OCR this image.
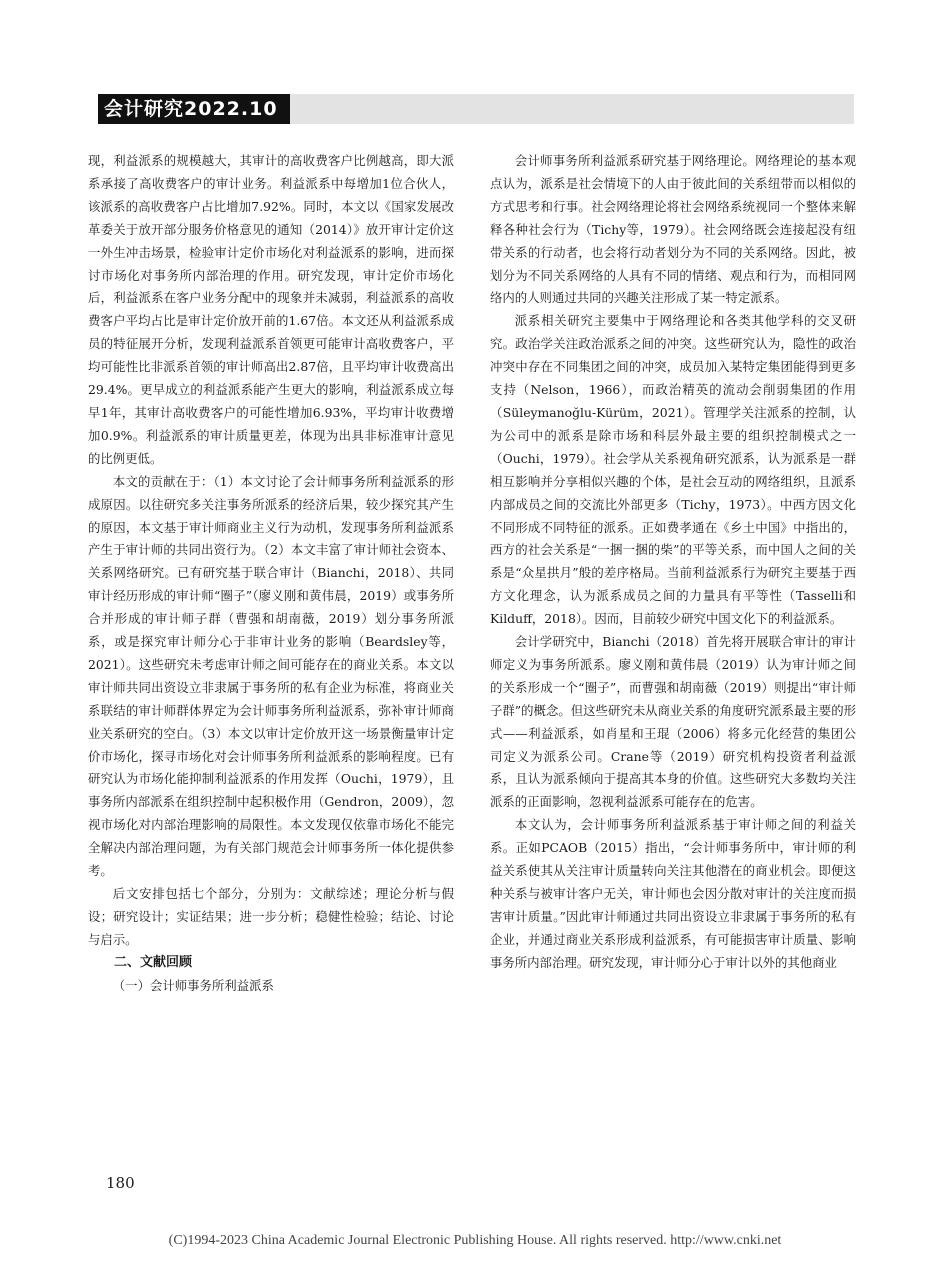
会计研究2022.10

现，利益派系的规模越大，其审计的高收费客户比例越高，即大派系承接了高收费客户的审计业务。利益派系中每增加1位合伙人，该派系的高收费客户占比增加7.92%。同时，本文以《国家发展改革委关于放开部分服务价格意见的通知（2014）》放开审计定价这一外生冲击场景，检验审计定价市场化对利益派系的影响，进而探讨市场化对事务所内部治理的作用。研究发现，审计定价市场化后，利益派系在客户业务分配中的现象并未减弱，利益派系的高收费客户平均占比是审计定价放开前的1.67倍。本文还从利益派系成员的特征展开分析，发现利益派系首领更可能审计高收费客户，平均可能性比非派系首领的审计师高出2.87倍，且平均审计收费高出29.4%。更早成立的利益派系能产生更大的影响，利益派系成立每早1年，其审计高收费客户的可能性增加6.93%，平均审计收费增加0.9%。利益派系的审计质量更差，体现为出具非标准审计意见的比例更低。

本文的贡献在于：（1）本文讨论了会计师事务所利益派系的形成原因。以往研究多关注事务所派系的经济后果，较少探究其产生的原因，本文基于审计师商业主义行为动机，发现事务所利益派系产生于审计师的共同出资行为。（2）本文丰富了审计师社会资本、关系网络研究。已有研究基于联合审计（Bianchi，2018）、共同审计经历形成的审计师“圈子”（廖义刚和黄伟晨，2019）或事务所合并形成的审计师子群（曹强和胡南薇，2019）划分事务所派系，或是探究审计师分心于非审计业务的影响（Beardsley等，2021）。这些研究未考虑审计师之间可能存在的商业关系。本文以审计师共同出资设立非隶属于事务所的私有企业为标准，将商业关系联结的审计师群体界定为会计师事务所利益派系，弥补审计师商业关系研究的空白。（3）本文以审计定价放开这一场景衡量审计定价市场化，探寻市场化对会计师事务所利益派系的影响程度。已有研究认为市场化能抑制利益派系的作用发挥（Ouchi，1979），且事务所内部派系在组织控制中起积极作用（Gendron，2009），忽视市场化对内部治理影响的局限性。本文发现仅依靠市场化不能完全解决内部治理问题，为有关部门规范会计师事务所一体化提供参考。

后文安排包括七个部分，分别为：文献综述；理论分析与假设；研究设计；实证结果；进一步分析；稳健性检验；结论、讨论与启示。

二、文献回顾
（一）会计师事务所利益派系

会计师事务所利益派系研究基于网络理论。网络理论的基本观点认为，派系是社会情境下的人由于彼此间的关系纽带而以相似的方式思考和行事。社会网络理论将社会网络系统视同一个整体来解释各种社会行为（Tichy等，1979）。社会网络既会连接起没有纽带关系的行动者，也会将行动者划分为不同的关系网络。因此，被划分为不同关系网络的人具有不同的情绪、观点和行为，而相同网络内的人则通过共同的兴趣关注形成了某一特定派系。

派系相关研究主要集中于网络理论和各类其他学科的交叉研究。政治学关注政治派系之间的冲突。这些研究认为，隐性的政治冲突中存在不同集团之间的冲突，成员加入某特定集团能得到更多支持（Nelson，1966），而政治精英的流动会削弱集团的作用（Süleymanoğlu-Kürüm，2021）。管理学关注派系的控制，认为公司中的派系是除市场和科层外最主要的组织控制模式之一（Ouchi，1979）。社会学从关系视角研究派系，认为派系是一群相互影响并分享相似兴趣的个体，是社会互动的网络组织，且派系内部成员之间的交流比外部更多（Tichy，1973）。中西方因文化不同形成不同特征的派系。正如费孝通在《乡土中国》中指出的，西方的社会关系是“一捆一捆的柴”的平等关系，而中国人之间的关系是“众星拱月”般的差序格局。当前利益派系行为研究主要基于西方文化理念，认为派系成员之间的力量具有平等性（Tasselli和Kilduff，2018）。因而，目前较少研究中国文化下的利益派系。

会计学研究中，Bianchi（2018）首先将开展联合审计的审计师定义为事务所派系。廖义刚和黄伟晨（2019）认为审计师之间的关系形成一个“圈子”，而曹强和胡南薇（2019）则提出“审计师子群”的概念。但这些研究未从商业关系的角度研究派系最主要的形式——利益派系，如肖星和王琨（2006）将多元化经营的集团公司定义为派系公司。Crane等（2019）研究机构投资者利益派系，且认为派系倾向于提高其本身的价值。这些研究大多数均关注派系的正面影响，忽视利益派系可能存在的危害。

本文认为，会计师事务所利益派系基于审计师之间的利益关系。正如PCAOB（2015）指出，“会计师事务所中，审计师的利益关系使其从关注审计质量转向关注其他潜在的商业机会。即便这种关系与被审计客户无关，审计师也会因分散对审计的关注度而损害审计质量。”因此审计师通过共同出资设立非隶属于事务所的私有企业，并通过商业关系形成利益派系，有可能损害审计质量、影响事务所内部治理。研究发现，审计师分心于审计以外的其他商业

180
(C)1994-2023 China Academic Journal Electronic Publishing House. All rights reserved. http://www.cnki.net
